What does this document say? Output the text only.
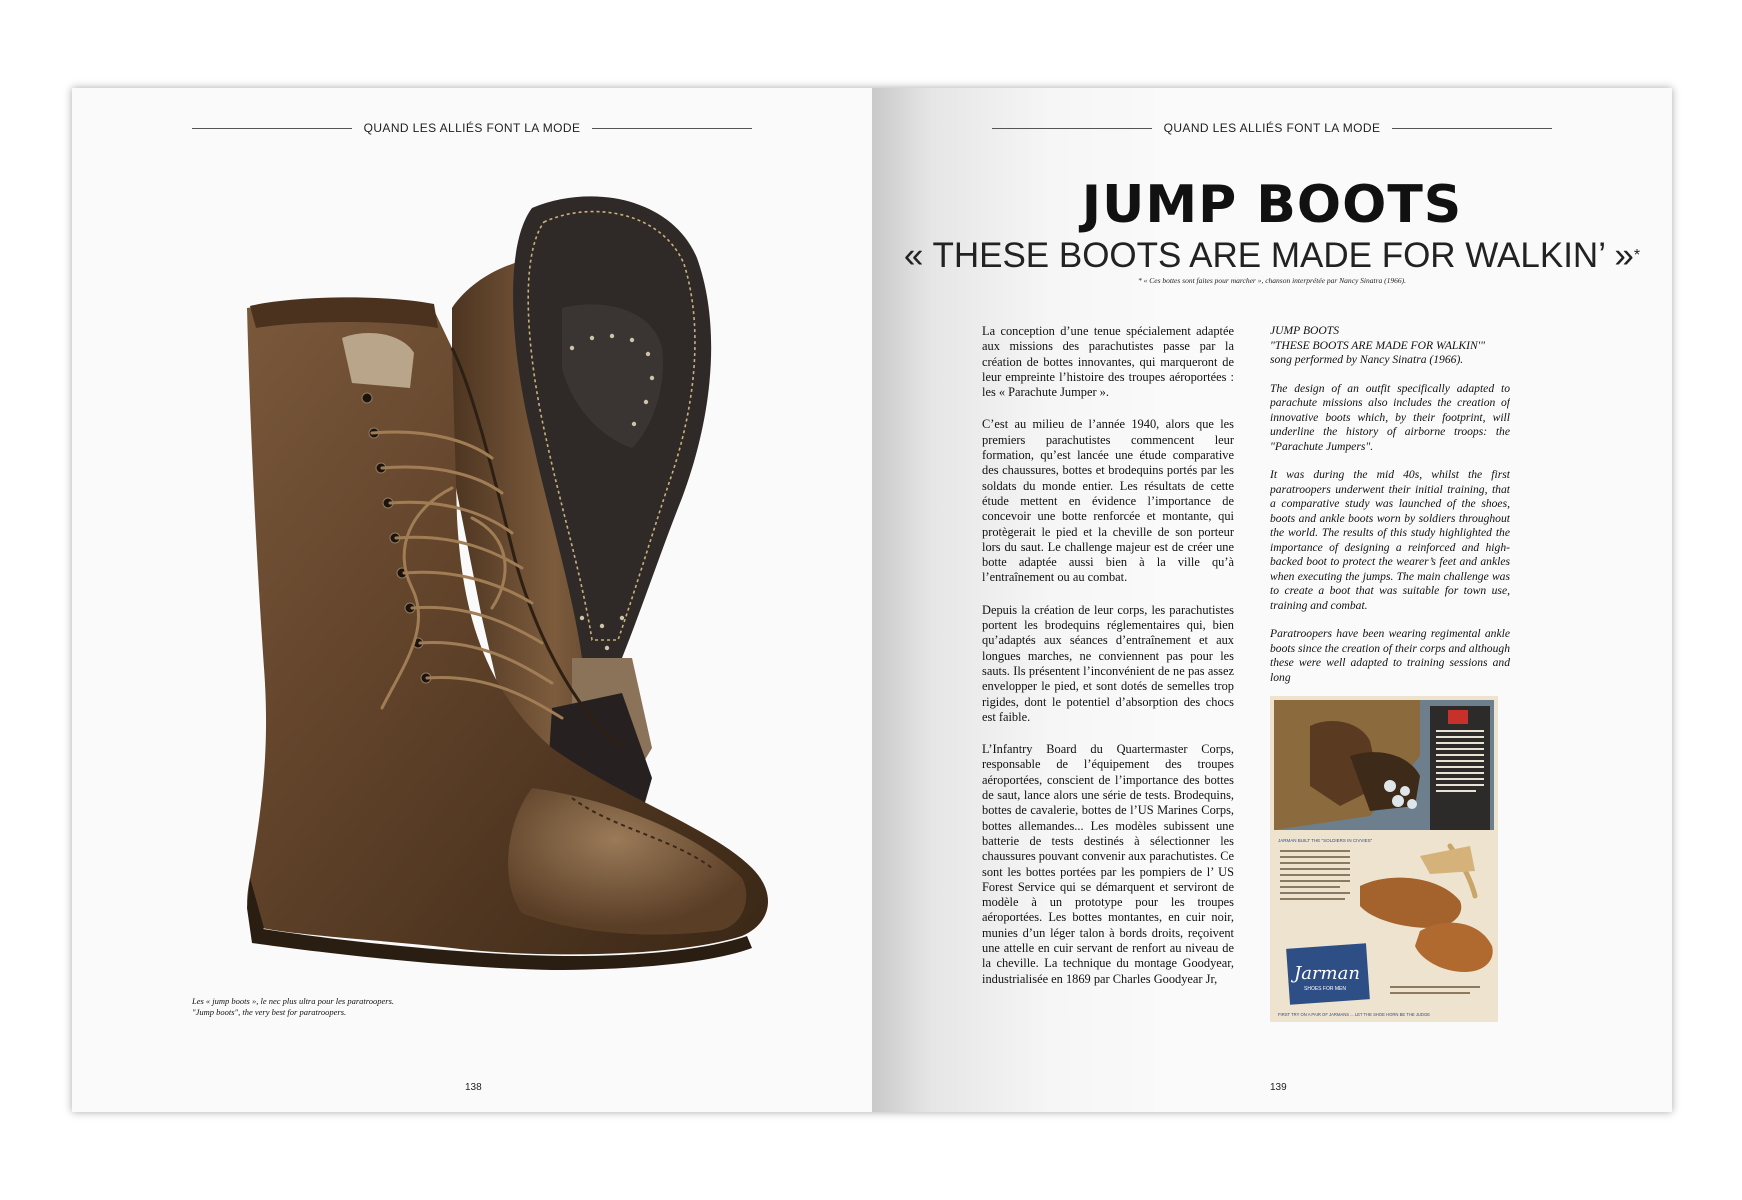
QUAND LES ALLIÉS FONT LA MODE
Les « jump boots », le nec plus ultra pour les paratroopers.
"Jump boots", the very best for paratroopers.
138
QUAND LES ALLIÉS FONT LA MODE
JUMP BOOTS
« THESE BOOTS ARE MADE FOR WALKIN’ »*
* « Ces bottes sont faites pour marcher », chanson interprétée par Nancy Sinatra (1966).

La conception d’une tenue spécialement adaptée aux missions des parachutistes passe par la création de bottes innovantes, qui marqueront de leur empreinte l’histoire des troupes aéroportées : les « Parachute Jumper ».

C’est au milieu de l’année 1940, alors que les premiers parachutistes commencent leur formation, qu’est lancée une étude comparative des chaussures, bottes et brodequins portés par les soldats du monde entier. Les résultats de cette étude mettent en évidence l’importance de concevoir une botte renforcée et montante, qui protègerait le pied et la cheville de son porteur lors du saut. Le challenge majeur est de créer une botte adaptée aussi bien à la ville qu’à l’entraînement ou au combat.

Depuis la création de leur corps, les parachutistes portent les brodequins réglementaires qui, bien qu’adaptés aux séances d’entraînement et aux longues marches, ne conviennent pas pour les sauts. Ils présentent l’inconvénient de ne pas assez envelopper le pied, et sont dotés de semelles trop rigides, dont le potentiel d’absorption des chocs est faible.

L’Infantry Board du Quartermaster Corps, responsable de l’équipement des troupes aéroportées, conscient de l’importance des bottes de saut, lance alors une série de tests. Brodequins, bottes de cavalerie, bottes de l’US Marines Corps, bottes allemandes... Les modèles subissent une batterie de tests destinés à sélectionner les chaussures pouvant convenir aux parachutistes. Ce sont les bottes portées par les pompiers de l’ US Forest Service qui se démarquent et serviront de modèle à un prototype pour les troupes aéroportées. Les bottes montantes, en cuir noir, munies d’un léger talon à bords droits, reçoivent une attelle en cuir servant de renfort au niveau de la cheville. La technique du montage Goodyear, industrialisée en 1869 par Charles Goodyear Jr,

JUMP BOOTS
"THESE BOOTS ARE MADE FOR WALKIN'"
song performed by Nancy Sinatra (1966).

The design of an outfit specifically adapted to parachute missions also includes the creation of innovative boots which, by their footprint, will underline the history of airborne troops: the "Parachute Jumpers".

It was during the mid 40s, whilst the first paratroopers underwent their initial training, that a comparative study was launched of the shoes, boots and ankle boots worn by soldiers throughout the world. The results of this study highlighted the importance of designing a reinforced and high-backed boot to protect the wearer’s feet and ankles when executing the jumps. The main challenge was to create a boot that was suitable for town use, training and combat.

Paratroopers have been wearing regimental ankle boots since the creation of their corps and although these were well adapted to training sessions and long

JARMAN BUILT THE "SOLDIERS IN CIVVIES"
Jarman
SHOES FOR MEN
FIRST TRY ON A PAIR OF JARMANS ... LET THE SHOE HORN BE THE JUDGE
139
